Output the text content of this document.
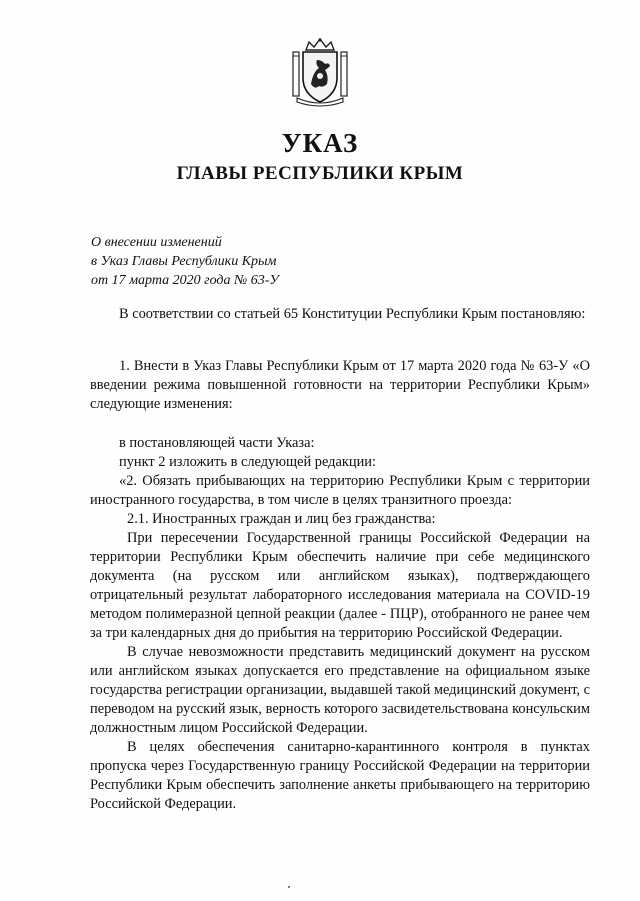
УКАЗ
ГЛАВЫ РЕСПУБЛИКИ КРЫМ
О внесении изменений
в Указ Главы Республики Крым
от 17 марта 2020 года № 63-У

В соответствии со статьей 65 Конституции Республики Крым постановляю:

1. Внести в Указ Главы Республики Крым от 17 марта 2020 года № 63-У «О введении режима повышенной готовности на территории Республики Крым» следующие изменения:

в постановляющей части Указа:

пункт 2 изложить в следующей редакции:

«2. Обязать прибывающих на территорию Республики Крым с территории иностранного государства, в том числе в целях транзитного проезда:

2.1. Иностранных граждан и лиц без гражданства:

При пересечении Государственной границы Российской Федерации на территории Республики Крым обеспечить наличие при себе медицинского документа (на русском или английском языках), подтверждающего отрицательный результат лабораторного исследования материала на COVID-19 методом полимеразной цепной реакции (далее - ПЦР), отобранного не ранее чем за три календарных дня до прибытия на территорию Российской Федерации.

В случае невозможности представить медицинский документ на русском или английском языках допускается его представление на официальном языке государства регистрации организации, выдавшей такой медицинский документ, с переводом на русский язык, верность которого засвидетельствована консульским должностным лицом Российской Федерации.

В целях обеспечения санитарно-карантинного контроля в пунктах пропуска через Государственную границу Российской Федерации на территории Республики Крым обеспечить заполнение анкеты прибывающего на территорию Российской Федерации.
